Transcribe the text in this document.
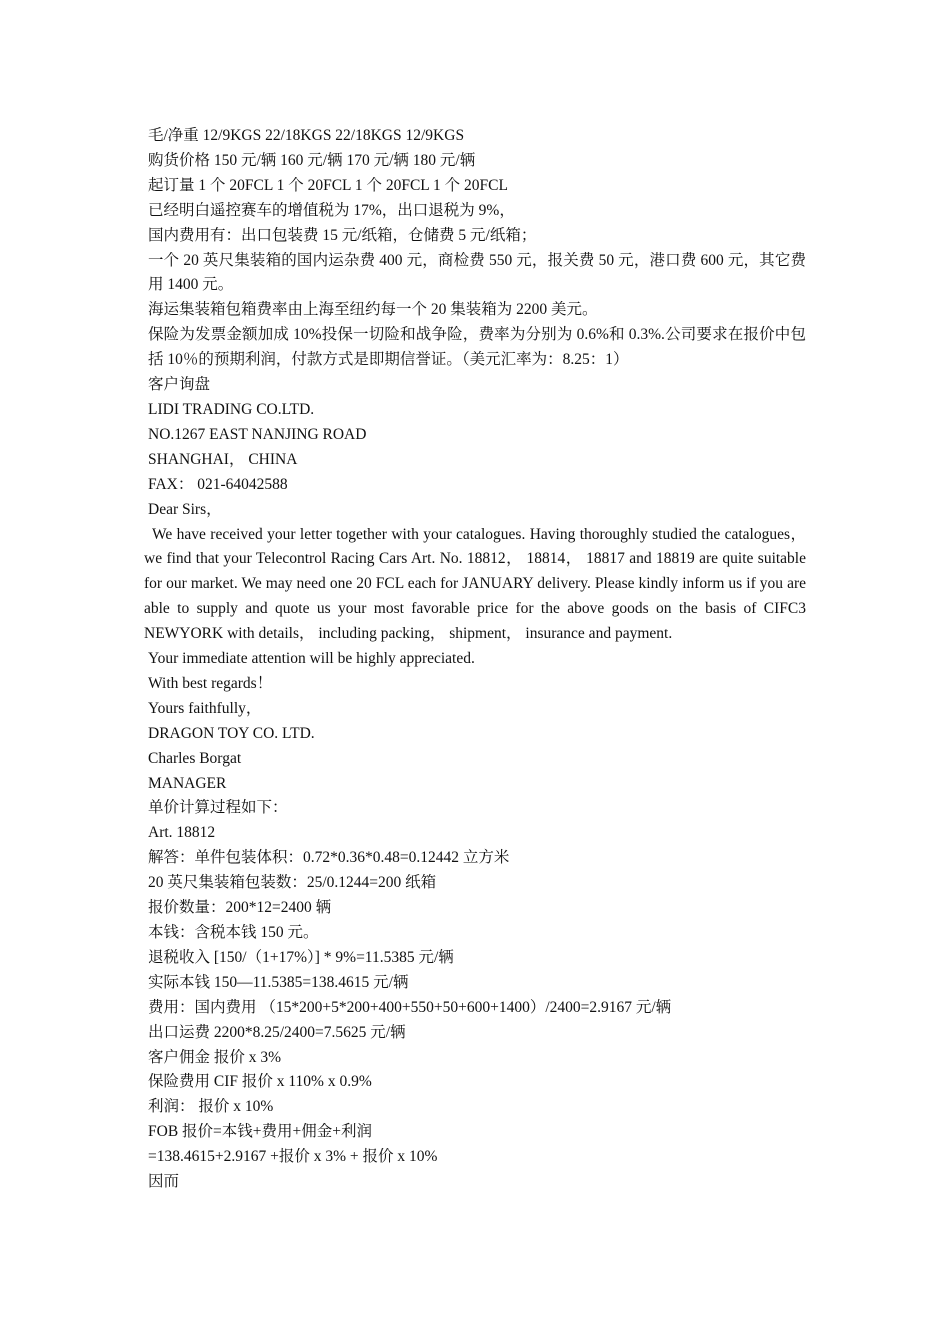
毛/净重 12/9KGS 22/18KGS 22/18KGS 12/9KGS

购货价格 150 元/辆 160 元/辆 170 元/辆 180 元/辆

起订量 1 个 20FCL 1 个 20FCL 1 个 20FCL 1 个 20FCL

已经明白遥控赛车的增值税为 17%，出口退税为 9%，

国内费用有：出口包装费 15 元/纸箱，仓储费 5 元/纸箱；

一个 20 英尺集装箱的国内运杂费 400 元，商检费 550 元，报关费 50 元，港口费 600 元，其它费用 1400 元。

海运集装箱包箱费率由上海至纽约每一个 20 集装箱为 2200 美元。

保险为发票金额加成 10%投保一切险和战争险，费率为分别为 0.6%和 0.3%.公司要求在报价中包括 10％的预期利润，付款方式是即期信誉证。（美元汇率为：8.25：1）

客户询盘

LIDI TRADING CO.LTD.

NO.1267 EAST NANJING ROAD

SHANGHAI， CHINA

FAX： 021-64042588

Dear Sirs，

We have received your letter together with your catalogues. Having thoroughly studied the catalogues， we find that your Telecontrol Racing Cars Art. No. 18812， 18814， 18817 and 18819 are quite suitable for our market. We may need one 20 FCL each for JANUARY delivery. Please kindly inform us if you are able to supply and quote us your most favorable price for the above goods on the basis of CIFC3 NEWYORK with details， including packing， shipment， insurance and payment.

Your immediate attention will be highly appreciated.

With best regards！

Yours faithfully，

DRAGON TOY CO. LTD.

Charles Borgat

MANAGER

单价计算过程如下：

Art. 18812

解答：单件包装体积：0.72*0.36*0.48=0.12442 立方米

20 英尺集装箱包装数：25/0.1244=200 纸箱

报价数量：200*12=2400 辆

本钱：含税本钱 150 元。

退税收入 [150/（1+17%）] * 9%=11.5385 元/辆

实际本钱 150—11.5385=138.4615 元/辆

费用：国内费用 （15*200+5*200+400+550+50+600+1400）/2400=2.9167 元/辆

出口运费 2200*8.25/2400=7.5625 元/辆

客户佣金 报价 x 3%

保险费用 CIF 报价 x 110% x 0.9%

利润： 报价 x 10%

FOB 报价=本钱+费用+佣金+利润

=138.4615+2.9167 +报价 x 3% + 报价 x 10%

因而
